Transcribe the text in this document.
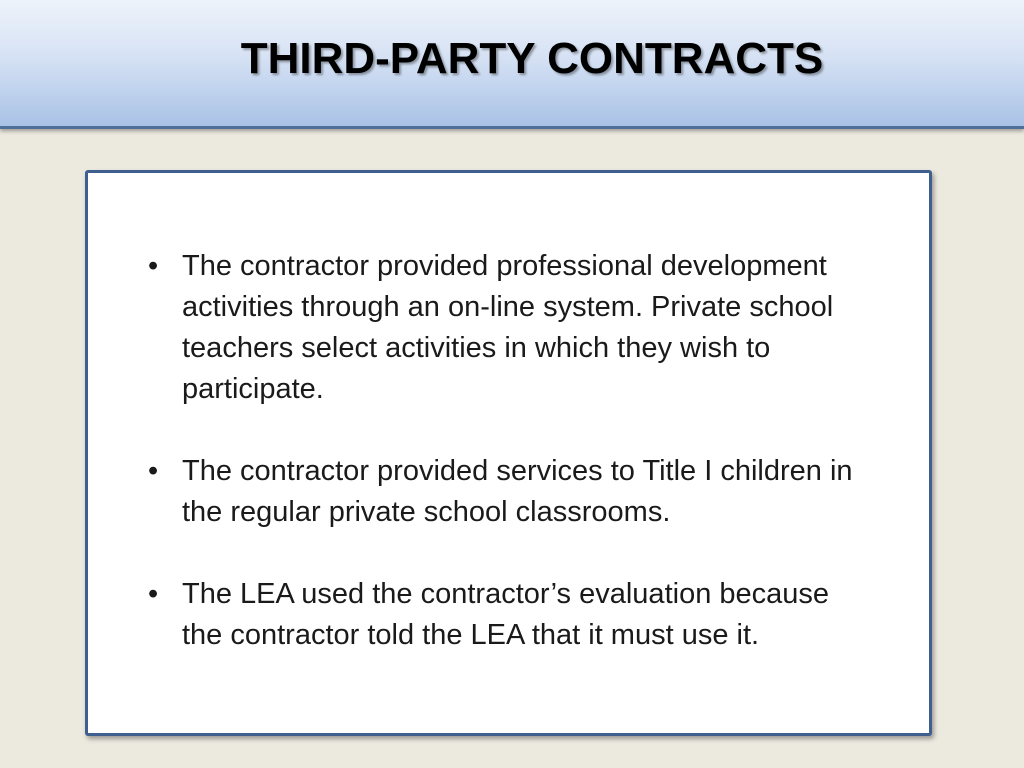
THIRD-PARTY CONTRACTS
• The contractor provided professional development activities through an on-line system. Private school teachers select activities in which they wish to participate.
• The contractor provided services to Title I children in the regular private school classrooms.
• The LEA used the contractor’s evaluation because the contractor told the LEA that it must use it.
